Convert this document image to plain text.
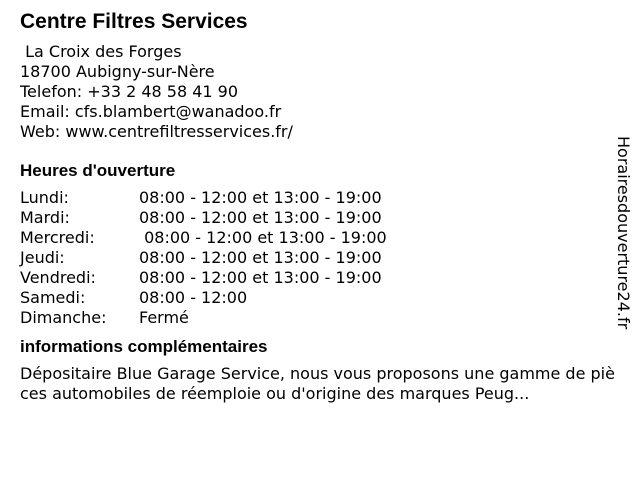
Centre Filtres Services
La Croix des Forges
18700 Aubigny-sur-Nère
Telefon: +33 2 48 58 41 90
Email: cfs.blambert@wanadoo.fr
Web: www.centrefiltresservices.fr/
Heures d'ouverture
Lundi:	08:00 - 12:00 et 13:00 - 19:00
Mardi:	08:00 - 12:00 et 13:00 - 19:00
Mercredi:	08:00 - 12:00 et 13:00 - 19:00
Jeudi:	08:00 - 12:00 et 13:00 - 19:00
Vendredi:	08:00 - 12:00 et 13:00 - 19:00
Samedi:	08:00 - 12:00
Dimanche:	Fermé
informations complémentaires

Dépositaire Blue Garage Service, nous vous proposons une gamme de pièces automobiles de réemploie ou d'origine des marques Peug...

Horairesdouverture24.fr
